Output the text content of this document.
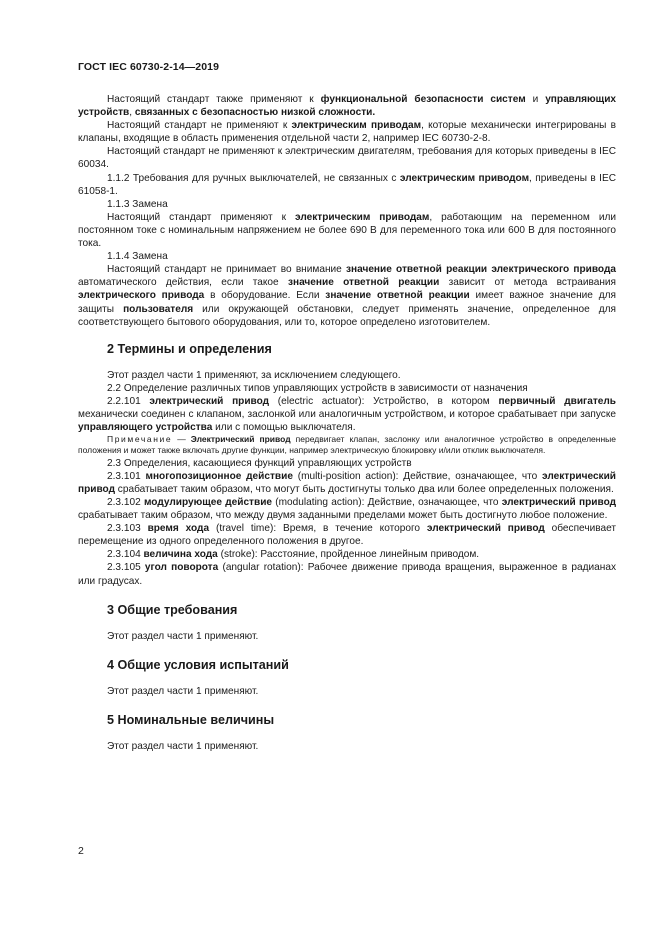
ГОСТ IEC 60730-2-14—2019

Настоящий стандарт также применяют к функциональной безопасности систем и управляющих устройств, связанных с безопасностью низкой сложности.

Настоящий стандарт не применяют к электрическим приводам, которые механически интегрированы в клапаны, входящие в область применения отдельной части 2, например IEC 60730-2-8.

Настоящий стандарт не применяют к электрическим двигателям, требования для которых приведены в IEC 60034.

1.1.2 Требования для ручных выключателей, не связанных с электрическим приводом, приведены в IEC 61058-1.

1.1.3 Замена

Настоящий стандарт применяют к электрическим приводам, работающим на переменном или постоянном токе с номинальным напряжением не более 690 В для переменного тока или 600 В для постоянного тока.

1.1.4 Замена

Настоящий стандарт не принимает во внимание значение ответной реакции электрического привода автоматического действия, если такое значение ответной реакции зависит от метода встраивания электрического привода в оборудование. Если значение ответной реакции имеет важное значение для защиты пользователя или окружающей обстановки, следует применять значение, определенное для соответствующего бытового оборудования, или то, которое определено изготовителем.

2 Термины и определения

Этот раздел части 1 применяют, за исключением следующего.

2.2 Определение различных типов управляющих устройств в зависимости от назначения

2.2.101 электрический привод (electric actuator): Устройство, в котором первичный двигатель механически соединен с клапаном, заслонкой или аналогичным устройством, и которое срабатывает при запуске управляющего устройства или с помощью выключателя.

Примечание — Электрический привод передвигает клапан, заслонку или аналогичное устройство в определенные положения и может также включать другие функции, например электрическую блокировку и/или отклик выключателя.

2.3 Определения, касающиеся функций управляющих устройств

2.3.101 многопозиционное действие (multi-position action): Действие, означающее, что электрический привод срабатывает таким образом, что могут быть достигнуты только два или более определенных положения.

2.3.102 модулирующее действие (modulating action): Действие, означающее, что электрический привод срабатывает таким образом, что между двумя заданными пределами может быть достигнуто любое положение.

2.3.103 время хода (travel time): Время, в течение которого электрический привод обеспечивает перемещение из одного определенного положения в другое.

2.3.104 величина хода (stroke): Расстояние, пройденное линейным приводом.

2.3.105 угол поворота (angular rotation): Рабочее движение привода вращения, выраженное в радианах или градусах.

3 Общие требования

Этот раздел части 1 применяют.

4 Общие условия испытаний

Этот раздел части 1 применяют.

5 Номинальные величины

Этот раздел части 1 применяют.

2
